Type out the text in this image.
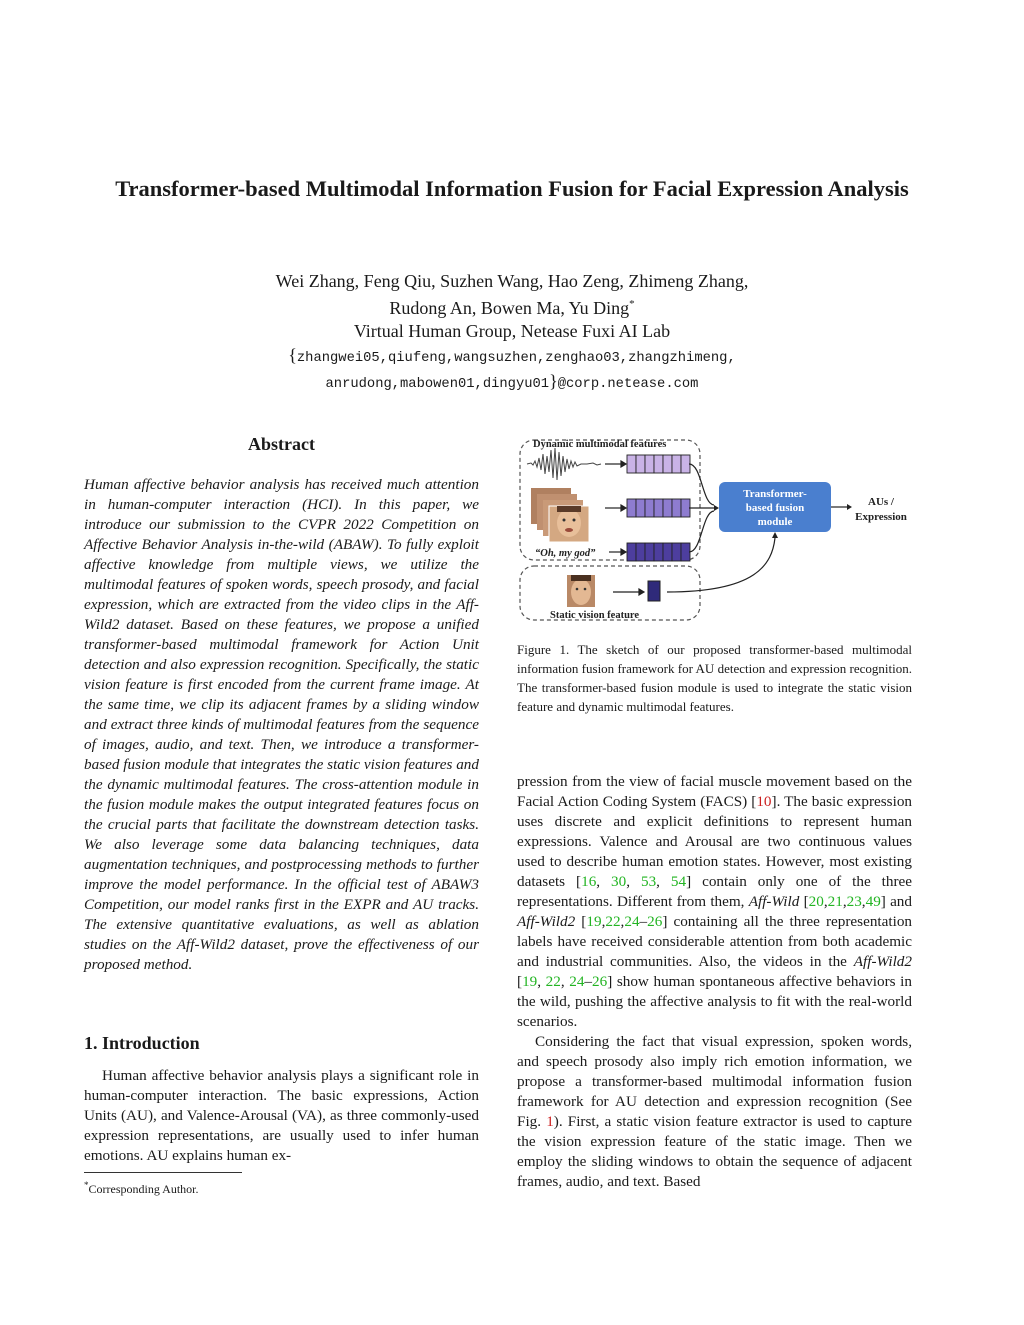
Transformer-based Multimodal Information Fusion for Facial Expression Analysis
Wei Zhang, Feng Qiu, Suzhen Wang, Hao Zeng, Zhimeng Zhang,
Rudong An, Bowen Ma, Yu Ding*
Virtual Human Group, Netease Fuxi AI Lab
{zhangwei05,qiufeng,wangsuzhen,zenghao03,zhangzhimeng,
anrudong,mabowen01,dingyu01}@corp.netease.com
Abstract
Human affective behavior analysis has received much attention in human-computer interaction (HCI). In this paper, we introduce our submission to the CVPR 2022 Competition on Affective Behavior Analysis in-the-wild (ABAW). To fully exploit affective knowledge from multiple views, we utilize the multimodal features of spoken words, speech prosody, and facial expression, which are extracted from the video clips in the Aff-Wild2 dataset. Based on these features, we propose a unified transformer-based multimodal framework for Action Unit detection and also expression recognition. Specifically, the static vision feature is first encoded from the current frame image. At the same time, we clip its adjacent frames by a sliding window and extract three kinds of multimodal features from the sequence of images, audio, and text. Then, we introduce a transformer-based fusion module that integrates the static vision features and the dynamic multimodal features. The cross-attention module in the fusion module makes the output integrated features focus on the crucial parts that facilitate the downstream detection tasks. We also leverage some data balancing techniques, data augmentation techniques, and postprocessing methods to further improve the model performance. In the official test of ABAW3 Competition, our model ranks first in the EXPR and AU tracks. The extensive quantitative evaluations, as well as ablation studies on the Aff-Wild2 dataset, prove the effectiveness of our proposed method.
1. Introduction
Human affective behavior analysis plays a significant role in human-computer interaction. The basic expressions, Action Units (AU), and Valence-Arousal (VA), as three commonly-used expression representations, are usually used to infer human emotions. AU explains human ex-
*Corresponding Author.
Dynamic multimodal features
“Oh, my god”
Static vision feature
Transformer-
based fusion
module
AUs /
Expression
Figure 1. The sketch of our proposed transformer-based multimodal information fusion framework for AU detection and expression recognition. The transformer-based fusion module is used to integrate the static vision feature and dynamic multimodal features.

pression from the view of facial muscle movement based on the Facial Action Coding System (FACS) [10]. The basic expression uses discrete and explicit definitions to represent human expressions. Valence and Arousal are two continuous values used to describe human emotion states. However, most existing datasets [16, 30, 53, 54] contain only one of the three representations. Different from them, Aff-Wild [20,21,23,49] and Aff-Wild2 [19,22,24–26] containing all the three representation labels have received considerable attention from both academic and industrial communities. Also, the videos in the Aff-Wild2 [19, 22, 24–26] show human spontaneous affective behaviors in the wild, pushing the affective analysis to fit with the real-world scenarios.

Considering the fact that visual expression, spoken words, and speech prosody also imply rich emotion information, we propose a transformer-based multimodal information fusion framework for AU detection and expression recognition (See Fig. 1). First, a static vision feature extractor is used to capture the vision expression feature of the static image. Then we employ the sliding windows to obtain the sequence of adjacent frames, audio, and text. Based
